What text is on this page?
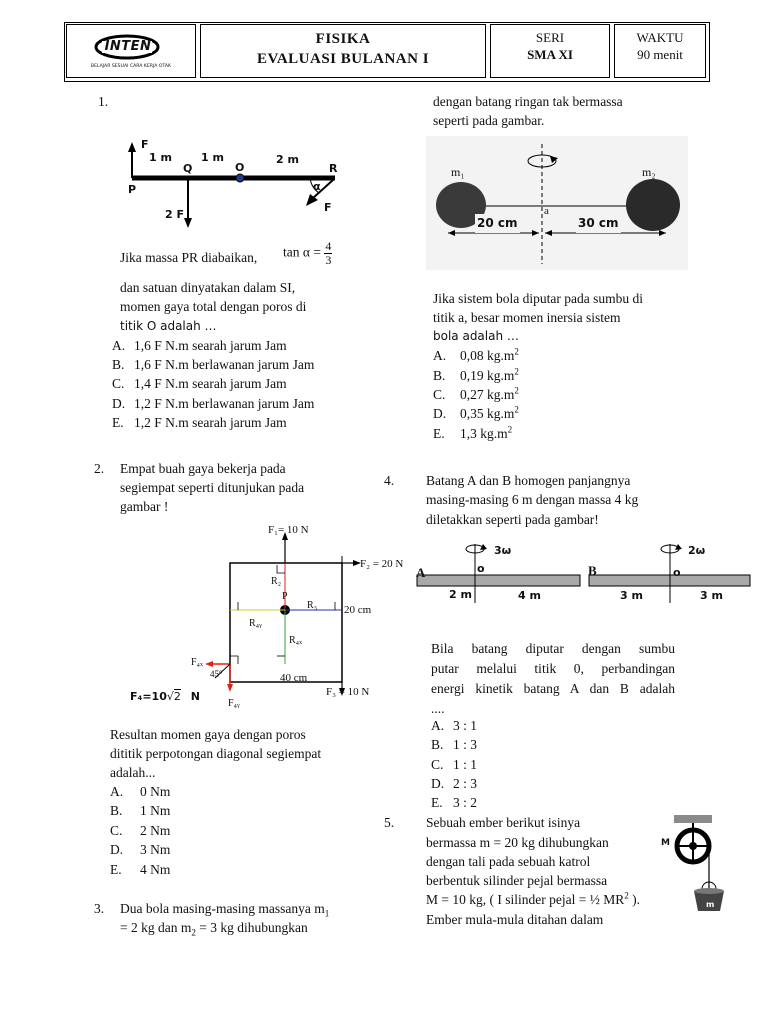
INTEN
BELAJAR SESUAI CARA KERJA OTAK
FISIKA
EVALUASI BULANAN I
SERI
SMA XI
WAKTU
90 menit
1.
F
1 m	1 m	2 m
Q	O	R
P	α
2 F
F
Jika massa PR diabaikan, $\tan \alpha = \frac{4}{3}$
dan satuan dinyatakan dalam SI,
momen gaya total dengan poros di
titik O adalah …
A. 1,6 F N.m searah jarum Jam
B. 1,6 F N.m berlawanan jarum Jam
C. 1,4 F N.m searah jarum Jam
D. 1,2 F N.m berlawanan jarum Jam
E. 1,2 F N.m searah jarum Jam
2. Empat buah gaya bekerja pada
segiempat seperti ditunjukan pada
gambar !
F₁= 10 N
F₂ = 20 N
R₂
P
R₃ 20 cm
R₄ᵧ
R₄ₓ
F₄ₓ
45°	40 cm
F₃ = 10 N
F₄=10√2 N
F₄ᵧ
Resultan momen gaya dengan poros
dititik perpotongan diagonal segiempat
adalah...
A. 0 Nm
B. 1 Nm
C. 2 Nm
D. 3 Nm
E. 4 Nm
3. Dua bola masing-masing massanya $m_1$
= 2 kg dan $m_2 = 3$ kg dihubungkan
dengan batang ringan tak bermassa
seperti pada gambar.
m₁	m₂
a
20 cm	30 cm
Jika sistem bola diputar pada sumbu di
titik a, besar momen inersia sistem
bola adalah …
A. 0,08 $kg.m^2$
B. 0,19 $kg.m^2$
C. 0,27 $kg.m^2$
D. 0,35 $kg.m^2$
E. 1,3 $kg.m^2$
4. Batang A dan B homogen panjangnya
masing-masing 6 m dengan massa 4 kg
diletakkan seperti pada gambar!
3ω	2ω
A	B
o	o
2 m	4 m	3 m	3 m
Bila batang diputar dengan sumbu
putar melalui titik 0, perbandingan
energi kinetik batang A dan B adalah
....
A. 3 : 1
B. 1 : 3
C. 1 : 1
D. 2 : 3
E. 3 : 2
5. Sebuah ember berikut isinya
bermassa m = 20 kg dihubungkan
dengan tali pada sebuah katrol
berbentuk silinder pejal bermassa
M = 10 kg, ( I silinder pejal = ½ $MR^2$ ).
Ember mula-mula ditahan dalam
M
m
